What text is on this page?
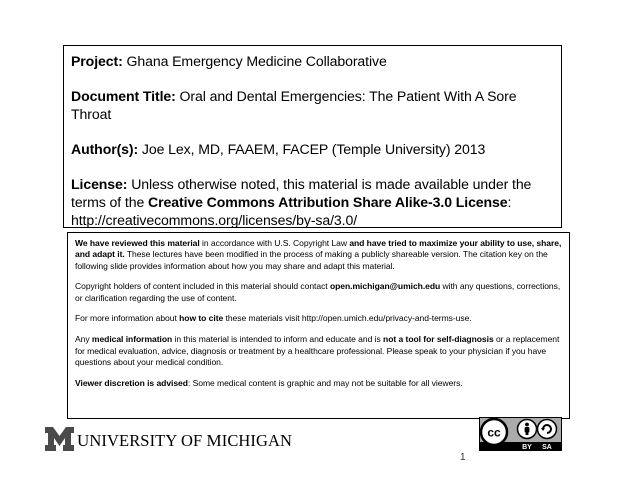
Project: Ghana Emergency Medicine Collaborative

Document Title: Oral and Dental Emergencies: The Patient With A Sore Throat

Author(s): Joe Lex, MD, FAAEM, FACEP (Temple University) 2013

License: Unless otherwise noted, this material is made available under the terms of the Creative Commons Attribution Share Alike-3.0 License: http://creativecommons.org/licenses/by-sa/3.0/

We have reviewed this material in accordance with U.S. Copyright Law and have tried to maximize your ability to use, share, and adapt it. These lectures have been modified in the process of making a publicly shareable version. The citation key on the following slide provides information about how you may share and adapt this material.

Copyright holders of content included in this material should contact open.michigan@umich.edu with any questions, corrections, or clarification regarding the use of content.

For more information about how to cite these materials visit http://open.umich.edu/privacy-and-terms-use.

Any medical information in this material is intended to inform and educate and is not a tool for self-diagnosis or a replacement for medical evaluation, advice, diagnosis or treatment by a healthcare professional. Please speak to your physician if you have questions about your medical condition.

Viewer discretion is advised: Some medical content is graphic and may not be suitable for all viewers.

UNIVERSITY OF MICHIGAN	cc
BY SA
1
